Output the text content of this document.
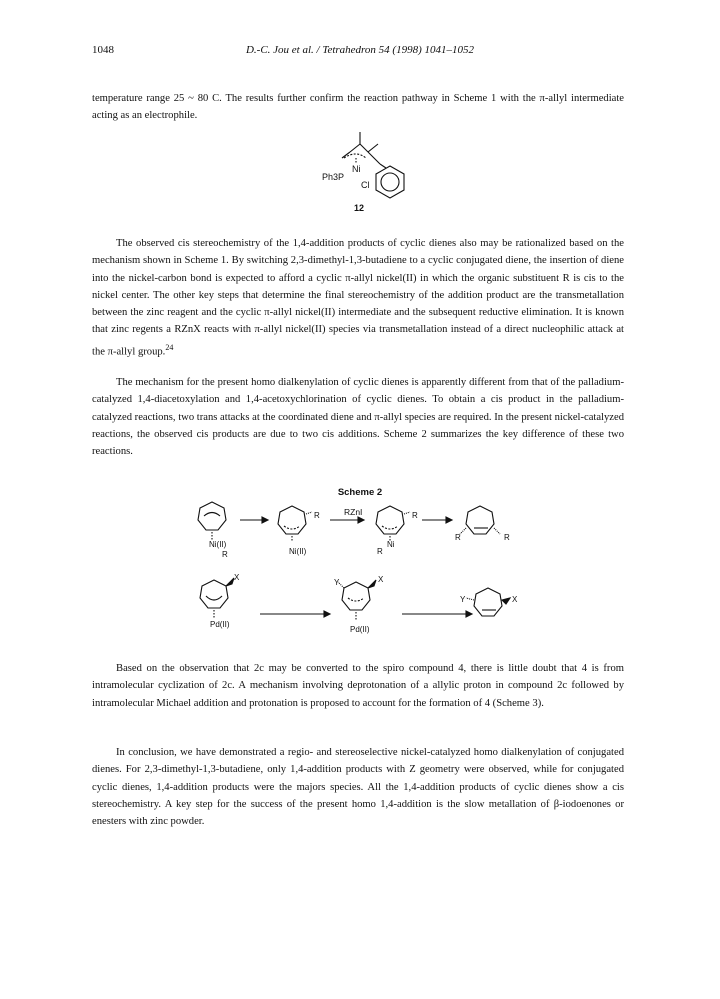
1048	D.-C. Jou et al. / Tetrahedron 54 (1998) 1041–1052

temperature range 25 ~ 80 C. The results further confirm the reaction pathway in Scheme 1 with the π-allyl intermediate acting as an electrophile.

Ni
Ph3P
Cl
12

The observed cis stereochemistry of the 1,4-addition products of cyclic dienes also may be rationalized based on the mechanism shown in Scheme 1. By switching 2,3-dimethyl-1,3-butadiene to a cyclic conjugated diene, the insertion of diene into the nickel-carbon bond is expected to afford a cyclic π-allyl nickel(II) in which the organic substituent R is cis to the nickel center. The other key steps that determine the final stereochemistry of the addition product are the transmetallation between the zinc reagent and the cyclic π-allyl nickel(II) intermediate and the subsequent reductive elimination. It is known that zinc regents a RZnX reacts with π-allyl nickel(II) species via transmetallation instead of a direct nucleophilic attack at the π-allyl group.$^{24}$

The mechanism for the present homo dialkenylation of cyclic dienes is apparently different from that of the palladium-catalyzed 1,4-diacetoxylation and 1,4-acetoxychlorination of cyclic dienes. To obtain a cis product in the palladium-catalyzed reactions, two trans attacks at the coordinated diene and π-allyl species are required. In the present nickel-catalyzed reactions, the observed cis products are due to two cis additions. Scheme 2 summarizes the key difference of these two reactions.

Scheme 2
Ni(II)
R
R
Ni(II)
RZnI	R
R
Ni
R	R
X
Pd(II)
Y	X
Pd(II)
Y	X

Based on the observation that 2c may be converted to the spiro compound 4, there is little doubt that 4 is from intramolecular cyclization of 2c. A mechanism involving deprotonation of a allylic proton in compound 2c followed by intramolecular Michael addition and protonation is proposed to account for the formation of 4 (Scheme 3).

In conclusion, we have demonstrated a regio- and stereoselective nickel-catalyzed homo dialkenylation of conjugated dienes. For 2,3-dimethyl-1,3-butadiene, only 1,4-addition products with Z geometry were observed, while for conjugated cyclic dienes, 1,4-addition products were the majors species. All the 1,4-addition products of cyclic dienes show a cis stereochemistry. A key step for the success of the present homo 1,4-addition is the slow metallation of β-iodoenones or enesters with zinc powder.
